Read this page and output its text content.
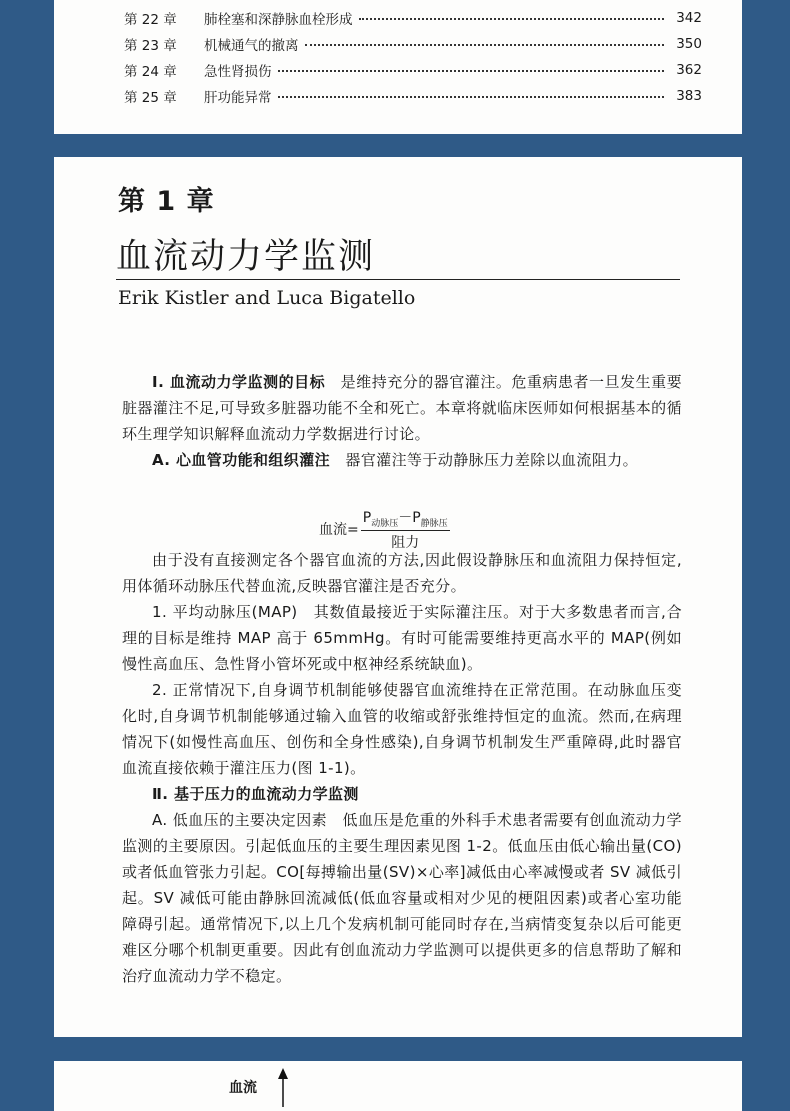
第 22 章	肺栓塞和深静脉血栓形成	342
第 23 章	机械通气的撤离	350
第 24 章	急性肾损伤	362
第 25 章	肝功能异常	383
第 1 章
血流动力学监测
Erik Kistler and Luca Bigatello
Ⅰ. 血流动力学监测的目标　是维持充分的器官灌注。危重病患者一旦发生重要脏器灌注不足,可导致多脏器功能不全和死亡。本章将就临床医师如何根据基本的循环生理学知识解释血流动力学数据进行讨论。
A. 心血管功能和组织灌注　器官灌注等于动静脉压力差除以血流阻力。
血流= $\frac{P_{动脉压}-P_{静脉压}}{\text{阻力}}$
由于没有直接测定各个器官血流的方法,因此假设静脉压和血流阻力保持恒定,用体循环动脉压代替血流,反映器官灌注是否充分。
1. 平均动脉压(MAP)　其数值最接近于实际灌注压。对于大多数患者而言,合理的目标是维持 MAP 高于 65mmHg。有时可能需要维持更高水平的 MAP(例如慢性高血压、急性肾小管坏死或中枢神经系统缺血)。
2. 正常情况下,自身调节机制能够使器官血流维持在正常范围。在动脉血压变化时,自身调节机制能够通过输入血管的收缩或舒张维持恒定的血流。然而,在病理情况下(如慢性高血压、创伤和全身性感染),自身调节机制发生严重障碍,此时器官血流直接依赖于灌注压力(图 1-1)。
Ⅱ. 基于压力的血流动力学监测
A. 低血压的主要决定因素　低血压是危重的外科手术患者需要有创血流动力学监测的主要原因。引起低血压的主要生理因素见图 1-2。低血压由低心输出量(CO)或者低血管张力引起。CO[每搏输出量(SV)×心率]减低由心率减慢或者 SV 减低引起。SV 减低可能由静脉回流减低(低血容量或相对少见的梗阻因素)或者心室功能障碍引起。通常情况下,以上几个发病机制可能同时存在,当病情变复杂以后可能更难区分哪个机制更重要。因此有创血流动力学监测可以提供更多的信息帮助了解和治疗血流动力学不稳定。
血流
